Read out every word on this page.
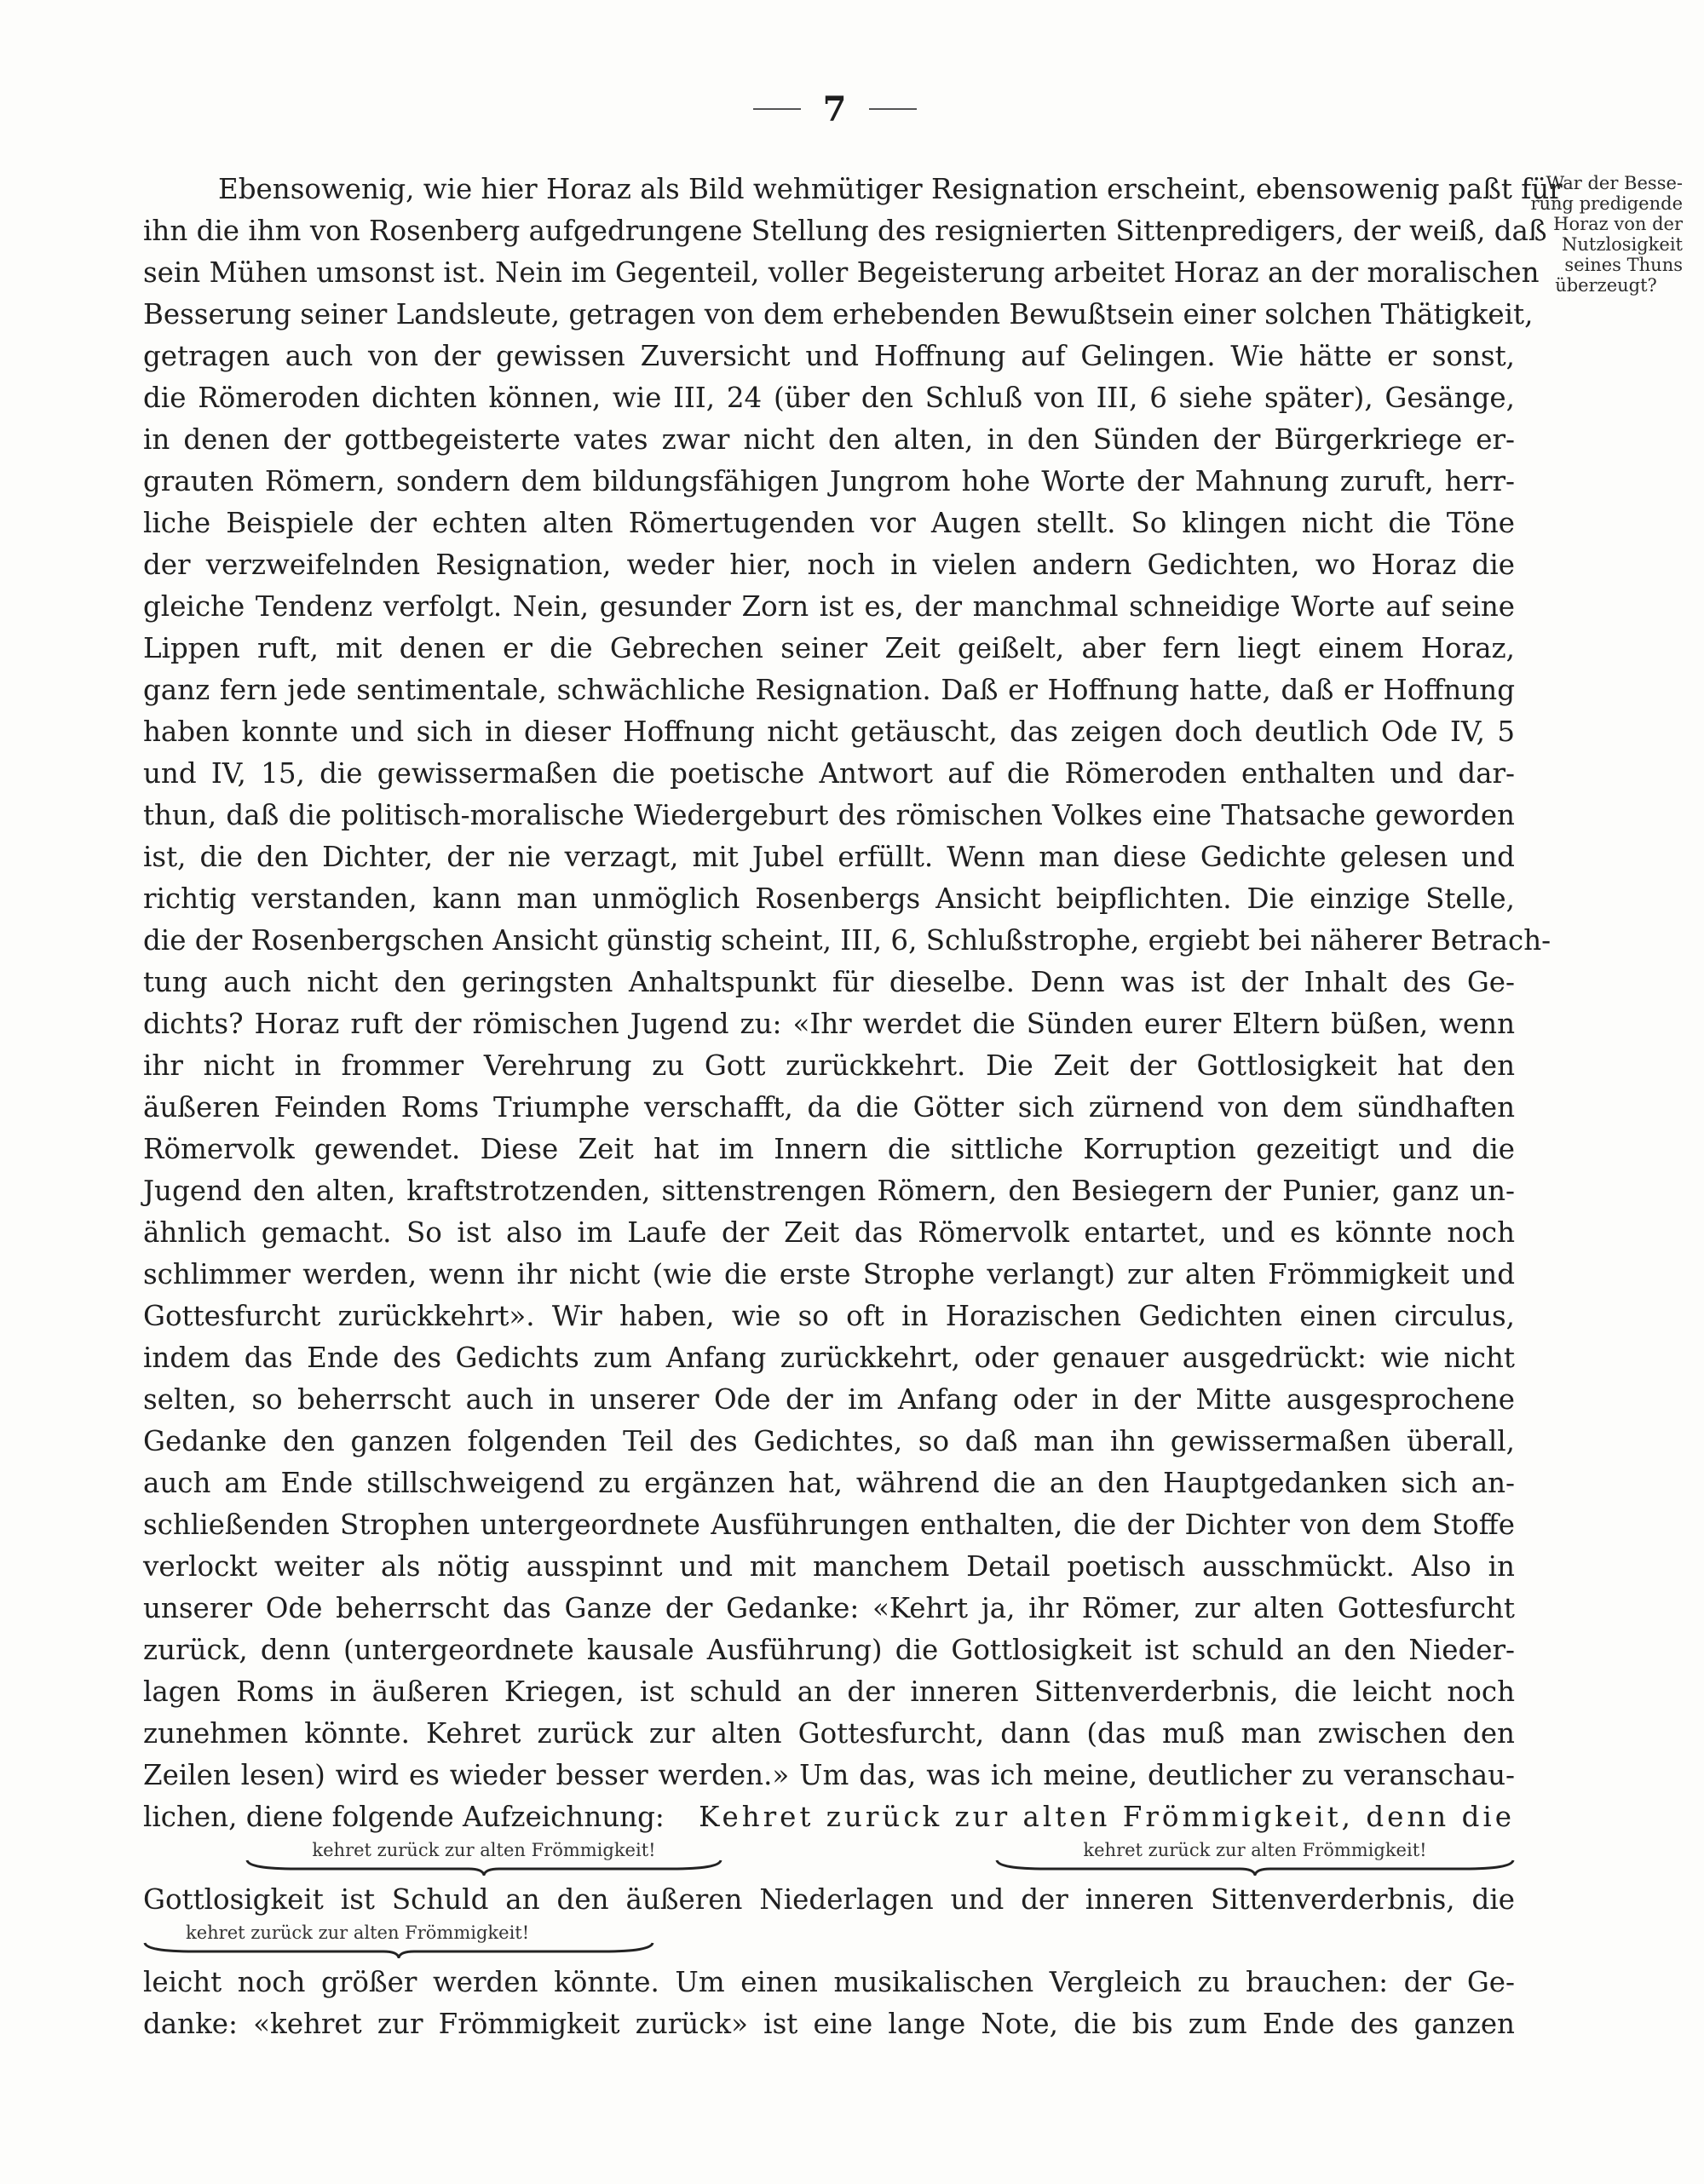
7
War der Besse-
rung predigende
Horaz von der
Nutzlosigkeit
seines Thuns
überzeugt?
Ebensowenig, wie hier Horaz als Bild wehmütiger Resignation erscheint, ebensowenig paßt für
ihn die ihm von Rosenberg aufgedrungene Stellung des resignierten Sittenpredigers, der weiß, daß
sein Mühen umsonst ist. Nein im Gegenteil, voller Begeisterung arbeitet Horaz an der moralischen
Besserung seiner Landsleute, getragen von dem erhebenden Bewußtsein einer solchen Thätigkeit,
getragen auch von der gewissen Zuversicht und Hoffnung auf Gelingen. Wie hätte er sonst,
die Römeroden dichten können, wie III, 24 (über den Schluß von III, 6 siehe später), Gesänge,
in denen der gottbegeisterte vates zwar nicht den alten, in den Sünden der Bürgerkriege er-
grauten Römern, sondern dem bildungsfähigen Jungrom hohe Worte der Mahnung zuruft, herr-
liche Beispiele der echten alten Römertugenden vor Augen stellt. So klingen nicht die Töne
der verzweifelnden Resignation, weder hier, noch in vielen andern Gedichten, wo Horaz die
gleiche Tendenz verfolgt. Nein, gesunder Zorn ist es, der manchmal schneidige Worte auf seine
Lippen ruft, mit denen er die Gebrechen seiner Zeit geißelt, aber fern liegt einem Horaz,
ganz fern jede sentimentale, schwächliche Resignation. Daß er Hoffnung hatte, daß er Hoffnung
haben konnte und sich in dieser Hoffnung nicht getäuscht, das zeigen doch deutlich Ode IV, 5
und IV, 15, die gewissermaßen die poetische Antwort auf die Römeroden enthalten und dar-
thun, daß die politisch-moralische Wiedergeburt des römischen Volkes eine Thatsache geworden
ist, die den Dichter, der nie verzagt, mit Jubel erfüllt. Wenn man diese Gedichte gelesen und
richtig verstanden, kann man unmöglich Rosenbergs Ansicht beipflichten. Die einzige Stelle,
die der Rosenbergschen Ansicht günstig scheint, III, 6, Schlußstrophe, ergiebt bei näherer Betrach-
tung auch nicht den geringsten Anhaltspunkt für dieselbe. Denn was ist der Inhalt des Ge-
dichts? Horaz ruft der römischen Jugend zu: «Ihr werdet die Sünden eurer Eltern büßen, wenn
ihr nicht in frommer Verehrung zu Gott zurückkehrt. Die Zeit der Gottlosigkeit hat den
äußeren Feinden Roms Triumphe verschafft, da die Götter sich zürnend von dem sündhaften
Römervolk gewendet. Diese Zeit hat im Innern die sittliche Korruption gezeitigt und die
Jugend den alten, kraftstrotzenden, sittenstrengen Römern, den Besiegern der Punier, ganz un-
ähnlich gemacht. So ist also im Laufe der Zeit das Römervolk entartet, und es könnte noch
schlimmer werden, wenn ihr nicht (wie die erste Strophe verlangt) zur alten Frömmigkeit und
Gottesfurcht zurückkehrt». Wir haben, wie so oft in Horazischen Gedichten einen circulus,
indem das Ende des Gedichts zum Anfang zurückkehrt, oder genauer ausgedrückt: wie nicht
selten, so beherrscht auch in unserer Ode der im Anfang oder in der Mitte ausgesprochene
Gedanke den ganzen folgenden Teil des Gedichtes, so daß man ihn gewissermaßen überall,
auch am Ende stillschweigend zu ergänzen hat, während die an den Hauptgedanken sich an-
schließenden Strophen untergeordnete Ausführungen enthalten, die der Dichter von dem Stoffe
verlockt weiter als nötig ausspinnt und mit manchem Detail poetisch ausschmückt. Also in
unserer Ode beherrscht das Ganze der Gedanke: «Kehrt ja, ihr Römer, zur alten Gottesfurcht
zurück, denn (untergeordnete kausale Ausführung) die Gottlosigkeit ist schuld an den Nieder-
lagen Roms in äußeren Kriegen, ist schuld an der inneren Sittenverderbnis, die leicht noch
zunehmen könnte. Kehret zurück zur alten Gottesfurcht, dann (das muß man zwischen den
Zeilen lesen) wird es wieder besser werden.» Um das, was ich meine, deutlicher zu veranschau-
lichen, diene folgende Aufzeichnung: Kehret zurück zur alten Frömmigkeit, denn die
kehret zurück zur alten Frömmigkeit!	kehret zurück zur alten Frömmigkeit!
Gottlosigkeit ist Schuld an den äußeren Niederlagen und der inneren Sittenverderbnis, die
kehret zurück zur alten Frömmigkeit!
leicht noch größer werden könnte. Um einen musikalischen Vergleich zu brauchen: der Ge-
danke: «kehret zur Frömmigkeit zurück» ist eine lange Note, die bis zum Ende des ganzen
